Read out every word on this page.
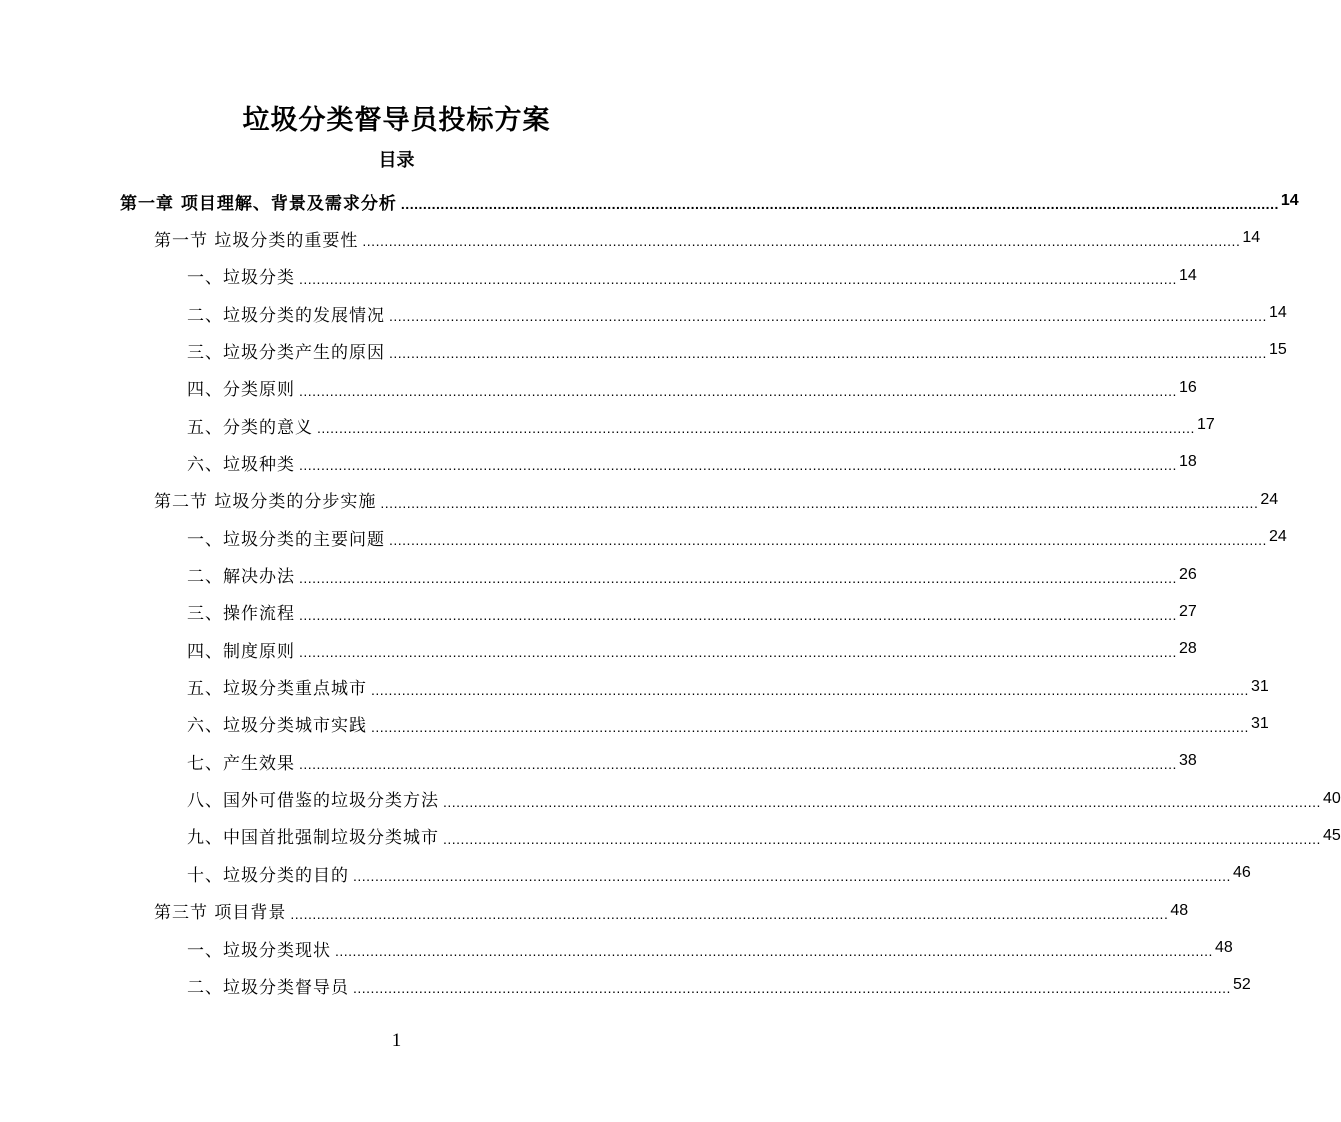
垃圾分类督导员投标方案
目录
第一章 项目理解、背景及需求分析 ........................................................................................................................................................................................................ 14
第一节 垃圾分类的重要性 ........................................................................................................................................................................................................ 14
一、垃圾分类 ........................................................................................................................................................................................................ 14
二、垃圾分类的发展情况 ........................................................................................................................................................................................................ 14
三、垃圾分类产生的原因 ........................................................................................................................................................................................................ 15
四、分类原则 ........................................................................................................................................................................................................ 16
五、分类的意义 ........................................................................................................................................................................................................ 17
六、垃圾种类 ........................................................................................................................................................................................................ 18
第二节 垃圾分类的分步实施 ........................................................................................................................................................................................................ 24
一、垃圾分类的主要问题 ........................................................................................................................................................................................................ 24
二、解决办法 ........................................................................................................................................................................................................ 26
三、操作流程 ........................................................................................................................................................................................................ 27
四、制度原则 ........................................................................................................................................................................................................ 28
五、垃圾分类重点城市 ........................................................................................................................................................................................................ 31
六、垃圾分类城市实践 ........................................................................................................................................................................................................ 31
七、产生效果 ........................................................................................................................................................................................................ 38
八、国外可借鉴的垃圾分类方法 ........................................................................................................................................................................................................ 40
九、中国首批强制垃圾分类城市 ........................................................................................................................................................................................................ 45
十、垃圾分类的目的 ........................................................................................................................................................................................................ 46
第三节 项目背景 ........................................................................................................................................................................................................ 48
一、垃圾分类现状 ........................................................................................................................................................................................................ 48
二、垃圾分类督导员 ........................................................................................................................................................................................................ 52

1
